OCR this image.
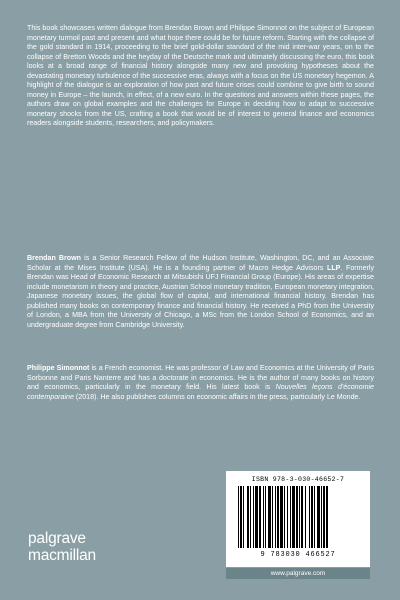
This book showcases written dialogue from Brendan Brown and Philippe Simonnot on the subject of European monetary turmoil past and present and what hope there could be for future reform. Starting with the collapse of the gold standard in 1914, proceeding to the brief gold-dollar standard of the mid inter-war years, on to the collapse of Bretton Woods and the heyday of the Deutsche mark and ultimately discussing the euro, this book looks at a broad range of financial history alongside many new and provoking hypotheses about the devastating monetary turbulence of the successive eras, always with a focus on the US monetary hegemon. A highlight of the dialogue is an exploration of how past and future crises could combine to give birth to sound money in Europe – the launch, in effect, of a new euro. In the questions and answers within these pages, the authors draw on global examples and the challenges for Europe in deciding how to adapt to successive monetary shocks from the US, crafting a book that would be of interest to general finance and economics readers alongside students, researchers, and policymakers.

Brendan Brown is a Senior Research Fellow of the Hudson Institute, Washington, DC, and an Associate Scholar at the Mises Institute (USA). He is a founding partner of Macro Hedge Advisors LLP. Formerly Brendan was Head of Economic Research at Mitsubishi UFJ Financial Group (Europe). His areas of expertise include monetarism in theory and practice, Austrian School monetary tradition, European monetary integration, Japanese monetary issues, the global flow of capital, and international financial history. Brendan has published many books on contemporary finance and financial history. He received a PhD from the University of London, a MBA from the University of Chicago, a MSc from the London School of Economics, and an undergraduate degree from Cambridge University.

Philippe Simonnot is a French economist. He was professor of Law and Economics at the University of Paris Sorbonne and Paris Nanterre and has a doctorate in economics. He is the author of many books on history and economics, particularly in the monetary field. His latest book is Nouvelles leçons d'économie contemporaine (2018). He also publishes columns on economic affairs in the press, particularly Le Monde.

palgrave
macmillan
ISBN 978-3-030-46652-7
9 783030 466527
www.palgrave.com
